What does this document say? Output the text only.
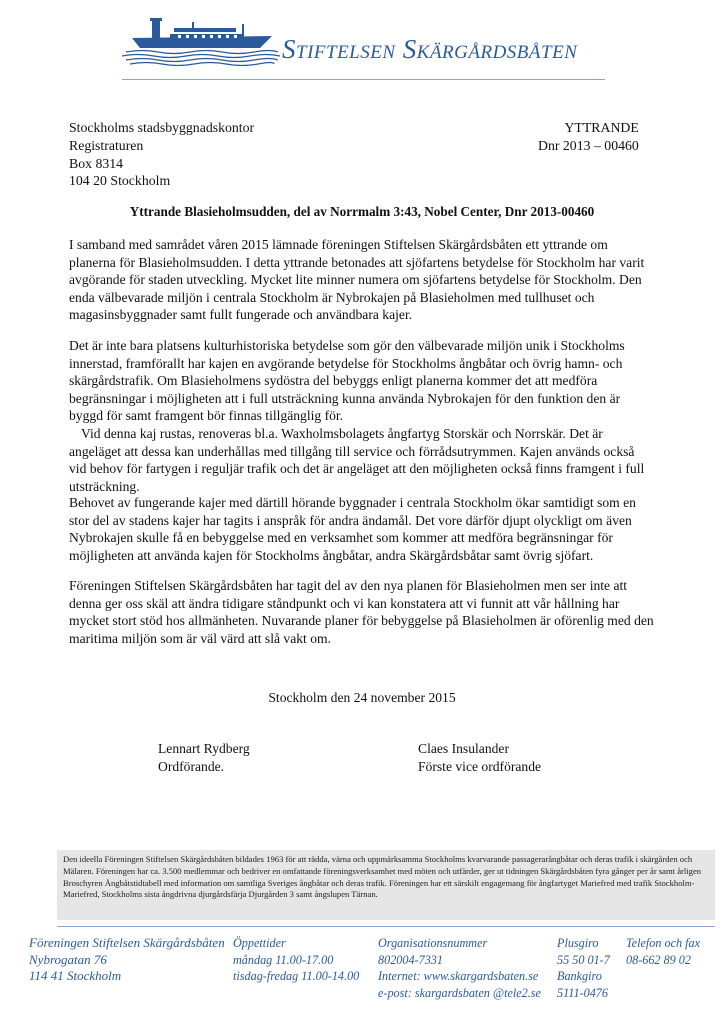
Stiftelsen Skärgårdsbåten
Stockholms stadsbyggnadskontor
Registraturen
Box 8314
104 20 Stockholm
YTTRANDE
Dnr 2013 – 00460
Yttrande Blasieholmsudden, del av Norrmalm 3:43, Nobel Center, Dnr 2013-00460

I samband med samrådet våren 2015 lämnade föreningen Stiftelsen Skärgårdsbåten ett yttrande om planerna för Blasieholmsudden. I detta yttrande betonades att sjöfartens betydelse för Stockholm har varit avgörande för staden utveckling. Mycket lite minner numera om sjöfartens betydelse för Stockholm. Den enda välbevarade miljön i centrala Stockholm är Nybrokajen på Blasieholmen med tullhuset och magasinsbyggnader samt fullt fungerade och användbara kajer.

Det är inte bara platsens kulturhistoriska betydelse som gör den välbevarade miljön unik i Stockholms innerstad, framförallt har kajen en avgörande betydelse för Stockholms ångbåtar och övrig hamn- och skärgårdstrafik. Om Blasieholmens sydöstra del bebyggs enligt planerna kommer det att medföra begränsningar i möjligheten att i full utsträckning kunna använda Nybrokajen för den funktion den är byggd för samt framgent bör finnas tillgänglig för.
Vid denna kaj rustas, renoveras bl.a. Waxholmsbolagets ångfartyg Storskär och Norrskär. Det är angeläget att dessa kan underhållas med tillgång till service och förrådsutrymmen. Kajen används också vid behov för fartygen i reguljär trafik och det är angeläget att den möjligheten också finns framgent i full utsträckning.

Behovet av fungerande kajer med därtill hörande byggnader i centrala Stockholm ökar samtidigt som en stor del av stadens kajer har tagits i anspråk för andra ändamål. Det vore därför djupt olyckligt om även Nybrokajen skulle få en bebyggelse med en verksamhet som kommer att medföra begränsningar för möjligheten att använda kajen för Stockholms ångbåtar, andra Skärgårdsbåtar samt övrig sjöfart.

Föreningen Stiftelsen Skärgårdsbåten har tagit del av den nya planen för Blasieholmen men ser inte att denna ger oss skäl att ändra tidigare ståndpunkt och vi kan konstatera att vi funnit att vår hållning har mycket stort stöd hos allmänheten. Nuvarande planer för bebyggelse på Blasieholmen är oförenlig med den maritima miljön som är väl värd att slå vakt om.

Stockholm den 24 november 2015
Lennart Rydberg
Ordförande.
Claes Insulander
Förste vice ordförande
Den ideella Föreningen Stiftelsen Skärgårdsbåten bildades 1963 för att rädda, värna och uppmärksamma Stockholms kvarvarande passagerarångbåtar och deras trafik i skärgården och Mälaren. Föreningen har ca. 3.500 medlemmar och bedriver en omfattande föreningsverksamhet med möten och utfärder, ger ut tidningen Skärgårdsbåten fyra gånger per år samt årligen Broschyren Ångbåtstidtabell med information om samtliga Sveriges ångbåtar och deras trafik. Föreningen har ett särskilt engagemang för ångfartyget Mariefred med trafik Stockholm-Mariefred, Stockholms sista ångdrivna djurgårdsfärja Djurgården 3 samt ångslupen Tärnan.
Föreningen Stiftelsen Skärgårdsbåten
Nybrogatan 76
114 41 Stockholm
Öppettider
måndag 11.00-17.00
tisdag-fredag 11.00-14.00
Organisationsnummer
802004-7331
Internet: www.skargardsbaten.se
e-post: skargardsbaten @tele2.se
Plusgiro
55 50 01-7
Bankgiro
5111-0476
Telefon och fax
08-662 89 02
